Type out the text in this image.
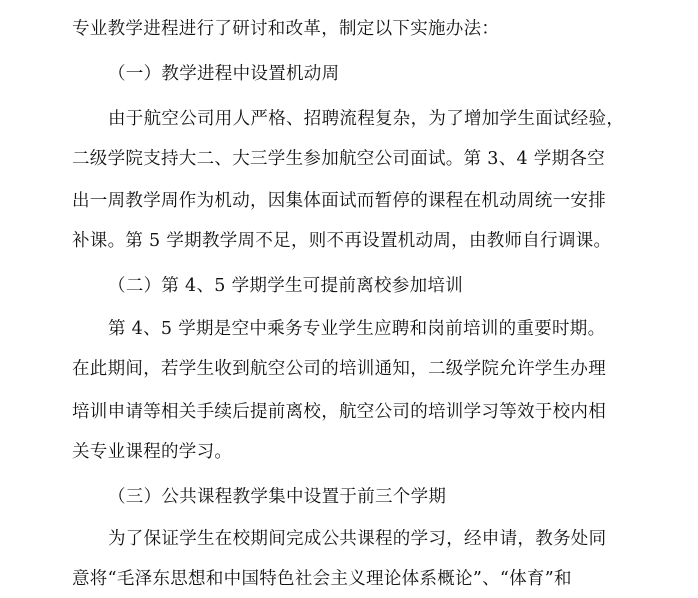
专业教学进程进行了研讨和改革，制定以下实施办法：
（一）教学进程中设置机动周
由于航空公司用人严格、招聘流程复杂，为了增加学生面试经验，
二级学院支持大二、大三学生参加航空公司面试。第 3、4 学期各空
出一周教学周作为机动，因集体面试而暂停的课程在机动周统一安排
补课。第 5 学期教学周不足，则不再设置机动周，由教师自行调课。
（二）第 4、5 学期学生可提前离校参加培训
第 4、5 学期是空中乘务专业学生应聘和岗前培训的重要时期。
在此期间，若学生收到航空公司的培训通知，二级学院允许学生办理
培训申请等相关手续后提前离校，航空公司的培训学习等效于校内相
关专业课程的学习。
（三）公共课程教学集中设置于前三个学期
为了保证学生在校期间完成公共课程的学习，经申请，教务处同
意将“毛泽东思想和中国特色社会主义理论体系概论”、“体育”和
